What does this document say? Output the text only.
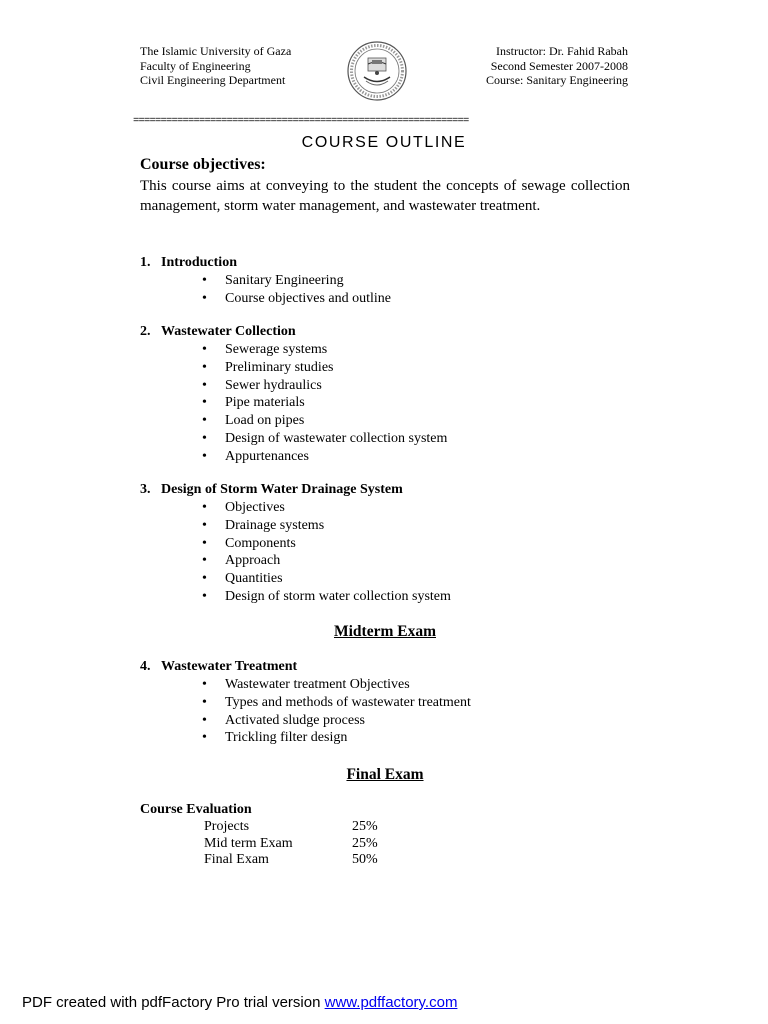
The Islamic University of Gaza
Faculty of Engineering
Civil Engineering Department
Instructor: Dr. Fahid Rabah
Second Semester 2007-2008
Course: Sanitary Engineering
=============================================================
COURSE OUTLINE
Course objectives:
This course aims at conveying to the student the concepts of sewage collection management, storm water management, and wastewater treatment.
1. Introduction
• Sanitary Engineering
• Course objectives and outline
2. Wastewater Collection
• Sewerage systems
• Preliminary studies
• Sewer hydraulics
• Pipe materials
• Load on pipes
• Design of wastewater collection system
• Appurtenances
3. Design of Storm Water Drainage System
• Objectives
• Drainage systems
• Components
• Approach
• Quantities
• Design of storm water collection system
Midterm Exam
4. Wastewater Treatment
• Wastewater treatment Objectives
• Types and methods of wastewater treatment
• Activated sludge process
• Trickling filter design
Final Exam
Course Evaluation
Projects	25%
Mid term Exam	25%
Final Exam	50%
PDF created with pdfFactory Pro trial version www.pdffactory.com
